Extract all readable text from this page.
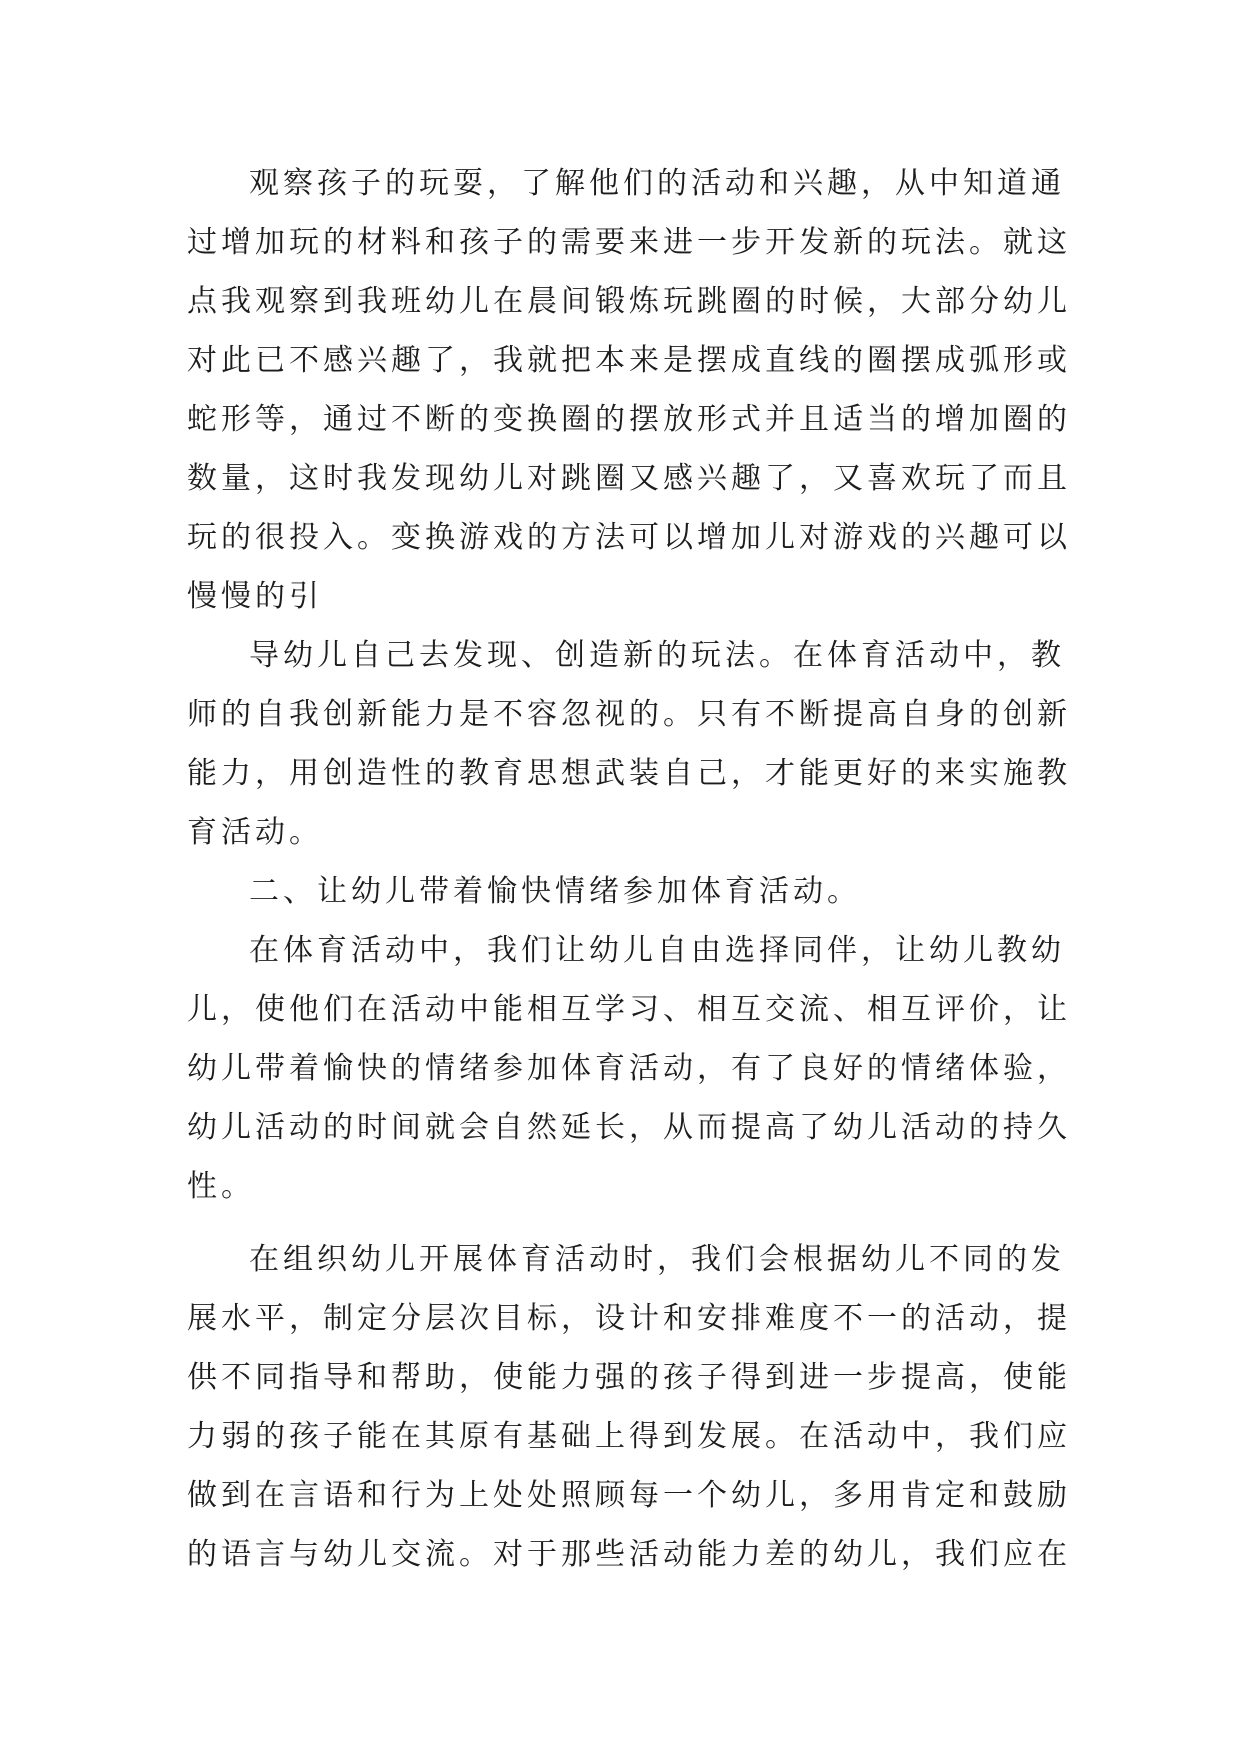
观察孩子的玩耍，了解他们的活动和兴趣，从中知道通
过增加玩的材料和孩子的需要来进一步开发新的玩法。就这
点我观察到我班幼儿在晨间锻炼玩跳圈的时候，大部分幼儿
对此已不感兴趣了，我就把本来是摆成直线的圈摆成弧形或
蛇形等，通过不断的变换圈的摆放形式并且适当的增加圈的
数量，这时我发现幼儿对跳圈又感兴趣了，又喜欢玩了而且
玩的很投入。变换游戏的方法可以增加儿对游戏的兴趣可以
慢慢的引
导幼儿自己去发现、创造新的玩法。在体育活动中，教
师的自我创新能力是不容忽视的。只有不断提高自身的创新
能力，用创造性的教育思想武装自己，才能更好的来实施教
育活动。
二、让幼儿带着愉快情绪参加体育活动。
在体育活动中，我们让幼儿自由选择同伴，让幼儿教幼
儿，使他们在活动中能相互学习、相互交流、相互评价，让
幼儿带着愉快的情绪参加体育活动，有了良好的情绪体验，
幼儿活动的时间就会自然延长，从而提高了幼儿活动的持久
性。
在组织幼儿开展体育活动时，我们会根据幼儿不同的发
展水平，制定分层次目标，设计和安排难度不一的活动，提
供不同指导和帮助，使能力强的孩子得到进一步提高，使能
力弱的孩子能在其原有基础上得到发展。在活动中，我们应
做到在言语和行为上处处照顾每一个幼儿，多用肯定和鼓励
的语言与幼儿交流。对于那些活动能力差的幼儿，我们应在
